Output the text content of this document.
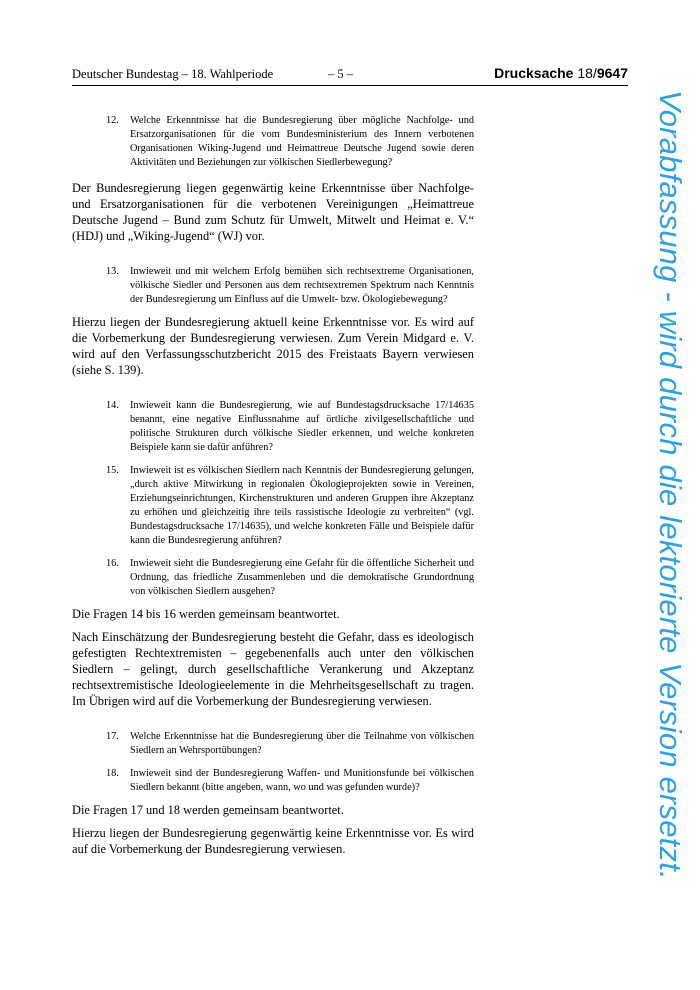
Deutscher Bundestag – 18. Wahlperiode	– 5 –	Drucksache 18/9647

12. Welche Erkenntnisse hat die Bundesregierung über mögliche Nachfolge- und Ersatzorganisationen für die vom Bundesministerium des Innern verbotenen Organisationen Wiking-Jugend und Heimattreue Deutsche Jugend sowie deren Aktivitäten und Beziehungen zur völkischen Siedlerbewegung?

Der Bundesregierung liegen gegenwärtig keine Erkenntnisse über Nachfolge- und Ersatzorganisationen für die verbotenen Vereinigungen „Heimattreue Deutsche Jugend – Bund zum Schutz für Umwelt, Mitwelt und Heimat e. V.“ (HDJ) und „Wiking-Jugend“ (WJ) vor.

13. Inwieweit und mit welchem Erfolg bemühen sich rechtsextreme Organisationen, völkische Siedler und Personen aus dem rechtsextremen Spektrum nach Kenntnis der Bundesregierung um Einfluss auf die Umwelt- bzw. Ökologiebewegung?

Hierzu liegen der Bundesregierung aktuell keine Erkenntnisse vor. Es wird auf die Vorbemerkung der Bundesregierung verwiesen. Zum Verein Midgard e. V. wird auf den Verfassungsschutzbericht 2015 des Freistaats Bayern verwiesen (siehe S. 139).

14. Inwieweit kann die Bundesregierung, wie auf Bundestagsdrucksache 17/14635 benannt, eine negative Einflussnahme auf örtliche zivilgesellschaftliche und politische Strukturen durch völkische Siedler erkennen, und welche konkreten Beispiele kann sie dafür anführen?

15. Inwieweit ist es völkischen Siedlern nach Kenntnis der Bundesregierung gelungen, „durch aktive Mitwirkung in regionalen Ökologieprojekten sowie in Vereinen, Erziehungseinrichtungen, Kirchenstrukturen und anderen Gruppen ihre Akzeptanz zu erhöhen und gleichzeitig ihre teils rassistische Ideologie zu verbreiten“ (vgl. Bundestagsdrucksache 17/14635), und welche konkreten Fälle und Beispiele dafür kann die Bundesregierung anführen?

16. Inwieweit sieht die Bundesregierung eine Gefahr für die öffentliche Sicherheit und Ordnung, das friedliche Zusammenleben und die demokratische Grundordnung von völkischen Siedlern ausgehen?

Die Fragen 14 bis 16 werden gemeinsam beantwortet.

Nach Einschätzung der Bundesregierung besteht die Gefahr, dass es ideologisch gefestigten Rechtextremisten – gegebenenfalls auch unter den völkischen Siedlern – gelingt, durch gesellschaftliche Verankerung und Akzeptanz rechtsextremistische Ideologieelemente in die Mehrheitsgesellschaft zu tragen. Im Übrigen wird auf die Vorbemerkung der Bundesregierung verwiesen.

17. Welche Erkenntnisse hat die Bundesregierung über die Teilnahme von völkischen Siedlern an Wehrsportübungen?

18. Inwieweit sind der Bundesregierung Waffen- und Munitionsfunde bei völkischen Siedlern bekannt (bitte angeben, wann, wo und was gefunden wurde)?

Die Fragen 17 und 18 werden gemeinsam beantwortet.

Hierzu liegen der Bundesregierung gegenwärtig keine Erkenntnisse vor. Es wird auf die Vorbemerkung der Bundesregierung verwiesen.	Vorabfassung - wird durch die lektorierte Version ersetzt.
